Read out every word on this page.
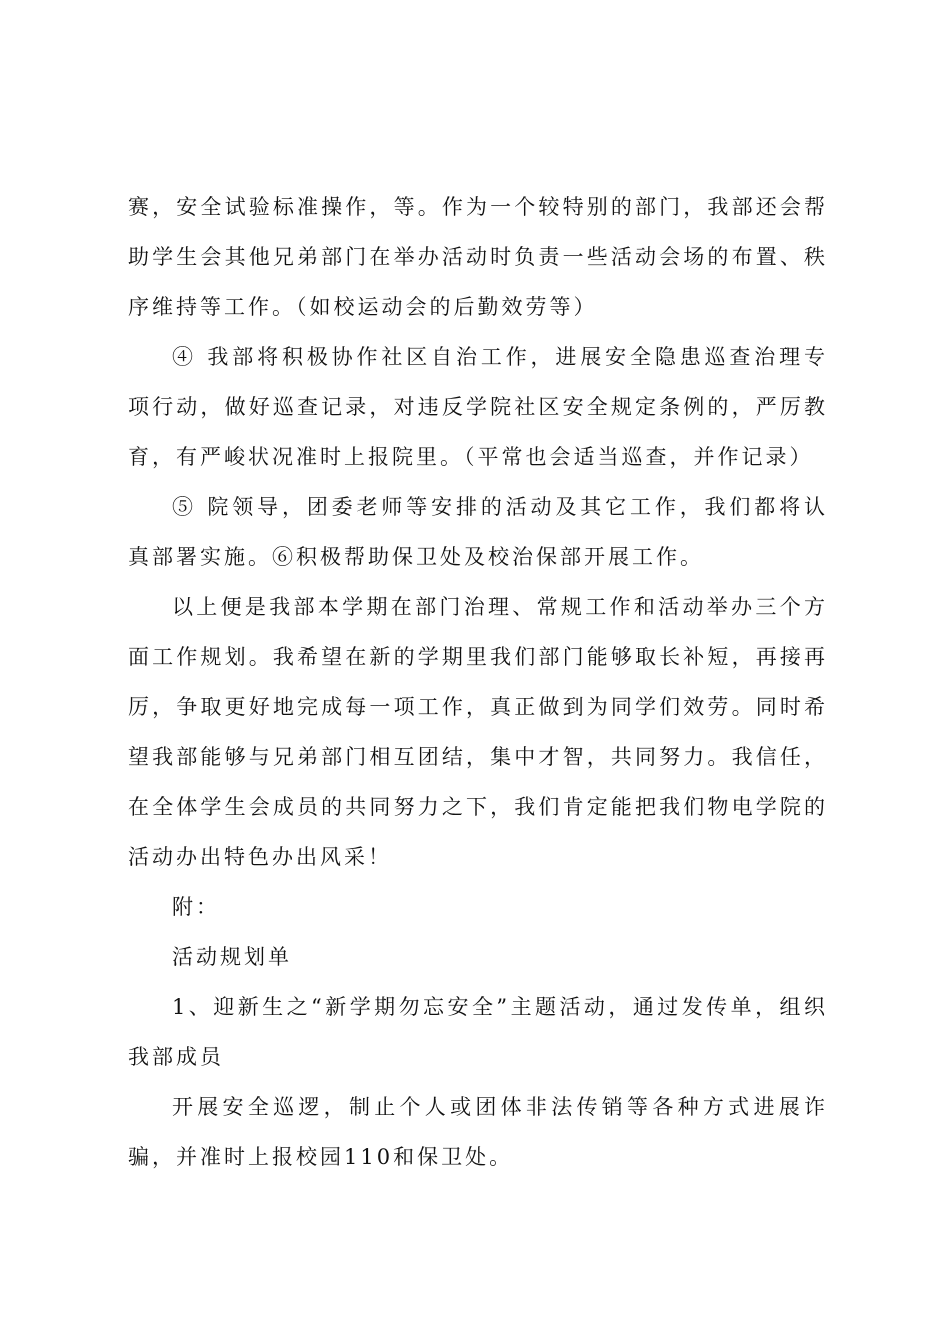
赛，安全试验标准操作，等。作为一个较特别的部门，我部还会帮助学生会其他兄弟部门在举办活动时负责一些活动会场的布置、秩序维持等工作。（如校运动会的后勤效劳等）

④ 我部将积极协作社区自治工作，进展安全隐患巡查治理专项行动，做好巡查记录，对违反学院社区安全规定条例的，严厉教育，有严峻状况准时上报院里。（平常也会适当巡查，并作记录）

⑤ 院领导，团委老师等安排的活动及其它工作，我们都将认真部署实施。⑥积极帮助保卫处及校治保部开展工作。

以上便是我部本学期在部门治理、常规工作和活动举办三个方面工作规划。我希望在新的学期里我们部门能够取长补短，再接再厉，争取更好地完成每一项工作，真正做到为同学们效劳。同时希望我部能够与兄弟部门相互团结，集中才智，共同努力。我信任，在全体学生会成员的共同努力之下，我们肯定能把我们物电学院的活动办出特色办出风采！

附：

活动规划单

1、迎新生之“新学期勿忘安全”主题活动，通过发传单，组织我部成员

开展安全巡逻，制止个人或团体非法传销等各种方式进展诈骗，并准时上报校园110和保卫处。
